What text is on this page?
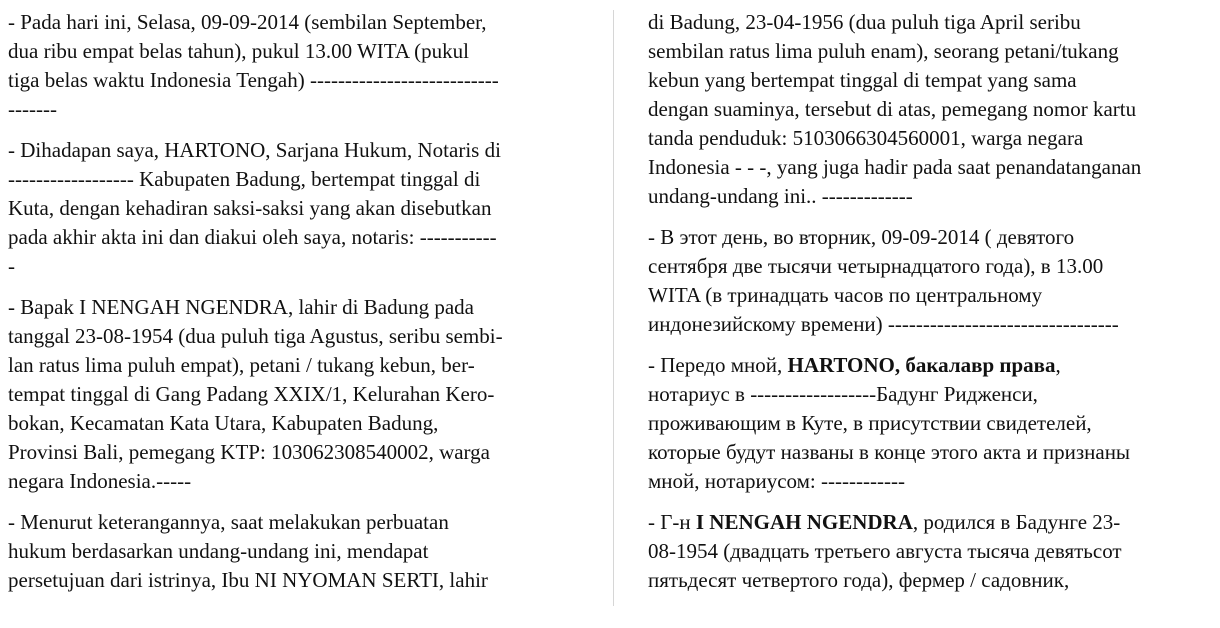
- Pada hari ini, Selasa, 09-09-2014 (sembilan September,
dua ribu empat belas tahun), pukul 13.00 WITA (pukul
tiga belas waktu Indonesia Tengah) ---------------------------
-------
- Dihadapan saya, HARTONO, Sarjana Hukum, Notaris di
------------------ Kabupaten Badung, bertempat tinggal di
Kuta, dengan kehadiran saksi-saksi yang akan disebutkan
pada akhir akta ini dan diakui oleh saya, notaris: -----------
-
- Bapak I NENGAH NGENDRA, lahir di Badung pada
tanggal 23-08-1954 (dua puluh tiga Agustus, seribu sembi-
lan ratus lima puluh empat), petani / tukang kebun, ber-
tempat tinggal di Gang Padang XXIX/1, Kelurahan Kero-
bokan, Kecamatan Kata Utara, Kabupaten Badung,
Provinsi Bali, pemegang KTP: 103062308540002, warga
negara Indonesia.-----
- Menurut keterangannya, saat melakukan perbuatan
hukum berdasarkan undang-undang ini, mendapat
persetujuan dari istrinya, Ibu NI NYOMAN SERTI, lahir
di Badung, 23-04-1956 (dua puluh tiga April seribu
sembilan ratus lima puluh enam), seorang petani/tukang
kebun yang bertempat tinggal di tempat yang sama
dengan suaminya, tersebut di atas, pemegang nomor kartu
tanda penduduk: 5103066304560001, warga negara
Indonesia - - -, yang juga hadir pada saat penandatanganan
undang-undang ini.. -------------
- В этот день, во вторник, 09-09-2014 ( девятого
сентября две тысячи четырнадцатого года), в 13.00
WITA (в тринадцать часов по центральному
индонезийскому времени) ---------------------------------
- Передо мной, HARTONO, бакалавр права,
нотариус в ------------------Бадунг Ридженси,
проживающим в Куте, в присутствии свидетелей,
которые будут названы в конце этого акта и признаны
мной, нотариусом: ------------
- Г-н I NENGAH NGENDRA, родился в Бадунге 23-
08-1954 (двадцать третьего августа тысяча девятьсот
пятьдесят четвертого года), фермер / садовник,
